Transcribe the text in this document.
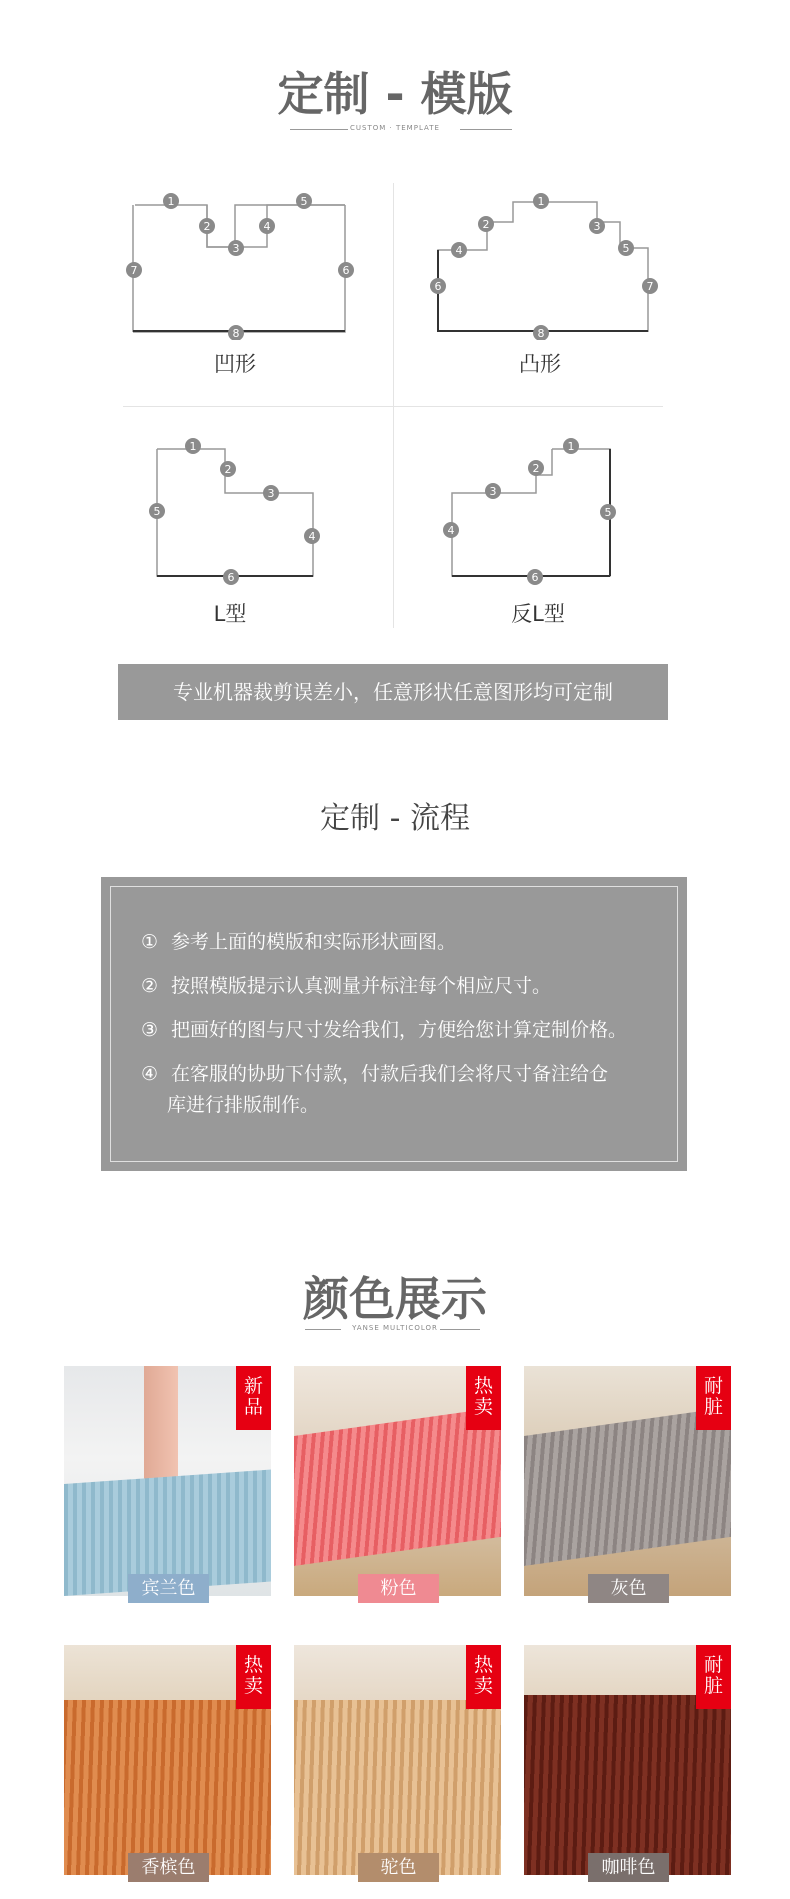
定制 - 模版
CUSTOM · TEMPLATE
1
2
3
4
5
6
7
8
凹形
1
2	3
4	5
6	7
8
凸形
1
2
3
4
5
6
L型
1
2
3
4
5
6
反L型
专业机器裁剪误差小，任意形状任意图形均可定制
定制 - 流程
① 参考上面的模版和实际形状画图。
② 按照模版提示认真测量并标注每个相应尺寸。
③ 把画好的图与尺寸发给我们，方便给您计算定制价格。
④ 在客服的协助下付款，付款后我们会将尺寸备注给仓
库进行排版制作。
颜色展示
YANSE MULTICOLOR
新
品
热
卖
耐
脏
宾兰色	粉色	灰色
热
卖
热
卖
耐
脏
香槟色	驼色	咖啡色
